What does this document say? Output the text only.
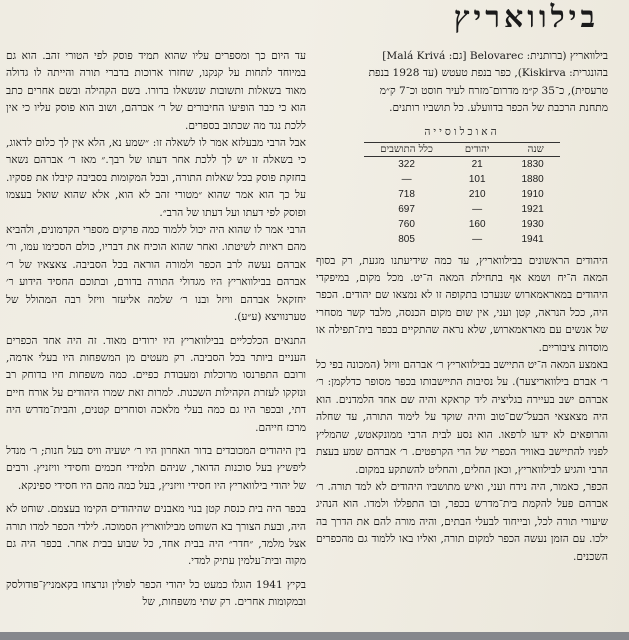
בילוואריץ
בילוואריץ (ברותנית: Belovarec [גם: Malá Krivá]
בהונגרית: Kiskirva), כפר בנפת טעטש (עד 1928 בנפת
טרעסית), כ־35 ק״מ מדרום־מזרח לעיר חוסט וכ־7 ק״מ
מתחנת הרכבת של הכפר בדוועלע. כל תושביו רותנים.
האוכלוסייה
שנה	יהודים	כלל התושבים
1830	21	322
1880	101	—
1910	210	718
1921	—	697
1930	160	760
1941	—	805

היהודים הראשונים בבילוואריץ, עד כמה שידיעתנו מגעת, רק בסוף המאה ה־יח ושמא אף בתחילת המאה ה־יט. מכל מקום, במיפקדי היהודים במאראמארוש שנערכו בתקופה זו לא נמצאו שם יהודים. הכפר היה, ככל הנראה, קטן ועני, אין שום מקום הכנסה, מלבד קשר מסחרי של אנשים עם מאראמארוש, שלא נראה שהתקיים בכפר בית־תפילה או מוסדות ציבוריים.

באמצע המאה ה־יט התיישב בבילוואריץ ר׳ אברהם וויזל (המכונה בפי כל ר׳ אברם בילוואריצער). על נסיבות התיישבותו בכפר מסופר כדלקמן: ר׳ אברהם ישב בעיירה בגליציה ליד קראקא והיה שם אחד הלמדנים. הוא היה מצאצאי הבעל־שם־טוב והיה שוקד על לימוד התורה, עד שחלה והרופאים לא ידעו לרפאו. הוא נסע לבית הרבי ממונקאטש, שהמליץ לפניו להתיישב באוויר הכפרי של הרי הקרפטים. ר׳ אברהם שמע בעצת הרבי והגיע לבילוואריץ, וכאן החלים, והחליט להשתקע במקום.

הכפר, כאמור, היה נידח ועני, ואיש מתושביו היהודים לא למד תורה. ר׳ אברהם פעל להקמת בית־מדרש בכפר, ובו התפללו ולמדו. הוא הנהיג שיעורי תורה לכל, ובייחוד לבעלי הבתים, והיה מורה להם את הדרך בה ילכו. עם הזמן נעשה הכפר למקום תורה, ואליו באו ללמוד גם מהכפרים השכנים.

עד היום כך ומספרים עליו שהוא תמיד פוסק לפי הטורי זהב. הוא גם במיוחד לתחות על קנקנו, שחזרו ארוכות בדברי תורה והייתה לו גדולה מאוד בשאלות ותשובות שנשאלו בדורו. בשם הקהילה ובשם אחרים כתב הוא כי כבר הופיעו החיבורים של ר׳ אברהם, ושוב הוא פוסק עליו כי אין ללכת נגד מה שכתוב בספרים.

אבל הרבי מבעלזא אמר לו לשאלה זו: ״שמע נא, הלא אין לך כלום לדאוג, כי בשאלה זו יש לך ללכת אחר דעתו של רבך.״ מאז ר׳ אברהם נשאר בחזקת פוסק בכל שאלות התורה, ובכל המקומות בסביבה קיבלו את פסקיו. על כך הוא אמר שהוא ״מטורי זהב לא הוא, אלא שהוא שואל בעצמו ופוסק לפי דעתו ועל דעתו של הרב״.

הרבי אמר לו שהוא היה יכול ללמוד כמה פרקים מספרי הקדמונים, ולהביא מהם ראיות לשיטתו. ואחר שהוא הוכיח את דבריו, כולם הסכימו עמו, ור׳ אברהם נעשה לרב הכפר ולמורה הוראה בכל הסביבה. צאצאיו של ר׳ אברהם בבילוואריץ היו מגדולי התורה בדורם, ובתוכם החסיד הידוע ר׳ יחזקאל אברהם וויזל ובנו ר׳ שלמה אליעזר וויזל רבה המהולל של טערנוויצא (ע״ע).

התנאים הכלכליים בבילוואריץ היו ירודים מאוד. זה היה אחד הכפרים העניים ביותר בכל הסביבה. רק מעטים מן המשפחות היו בעלי אדמה, ורובם התפרנסו מרוכלות ומעבודת כפיים. כמה משפחות חיו בדוחק רב ונזקקו לעזרת הקהילות השכנות. למרות זאת שמרו היהודים על אורח חיים דתי, ובכפר היו גם כמה בעלי מלאכה וסוחרים קטנים, והבית־מדרש היה מרכז חייהם.

בין היהודים המכובדים בדור האחרון היו ר׳ ישעיה וויס בעל חנות; ר׳ מנדל ליפשיץ בעל סוכנות הדואר, שניהם תלמידי חכמים וחסידי וויזניץ. ורבים של יהודי בילוואריץ היו חסידי וויזניץ, בעל כמה מהם היו חסידי ספינקא.

בכפר היה בית כנסת קטן בנוי מאבנים שהיהודים הקימו בעצמם. שוחט לא היה, ובעת הצורך בא השוחט מבילוואריץ הסמוכה. לילדי הכפר למדו תורה אצל מלמד, ״חדר״ היה בבית אחד, כל שבוע בבית אחר. בכפר היה גם מקוה ובית־עלמין עתיק למדי.

בקיץ 1941 הוגלו כמעט כל יהודי הכפר לפולין ונרצחו בקאמניץ־פודולסק ובמקומות אחרים. רק שתי משפחות, של
